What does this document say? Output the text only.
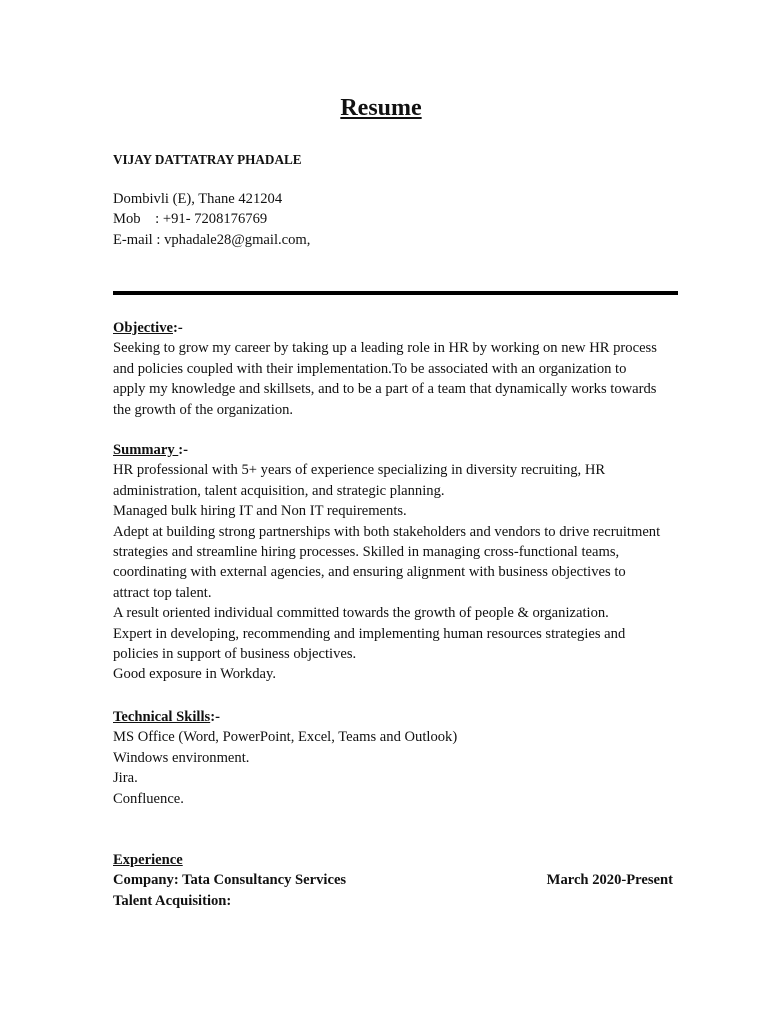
Resume
VIJAY DATTATRAY PHADALE
Dombivli (E), Thane 421204
Mob    : +91- 7208176769
E-mail : vphadale28@gmail.com,
Objective:-
Seeking to grow my career by taking up a leading role in HR by working on new HR process
and policies coupled with their implementation.To be associated with an organization to
apply my knowledge and skillsets, and to be a part of a team that dynamically works towards
the growth of the organization.
Summary :-
HR professional with 5+ years of experience specializing in diversity recruiting, HR
administration, talent acquisition, and strategic planning.
Managed bulk hiring IT and Non IT requirements.
Adept at building strong partnerships with both stakeholders and vendors to drive recruitment
strategies and streamline hiring processes. Skilled in managing cross-functional teams,
coordinating with external agencies, and ensuring alignment with business objectives to
attract top talent.
A result oriented individual committed towards the growth of people & organization.
Expert in developing, recommending and implementing human resources strategies and
policies in support of business objectives.
Good exposure in Workday.
Technical Skills:-
MS Office (Word, PowerPoint, Excel, Teams and Outlook)
Windows environment.
Jira.
Confluence.
Experience
Company: Tata Consultancy Services	March 2020-Present
Talent Acquisition:
